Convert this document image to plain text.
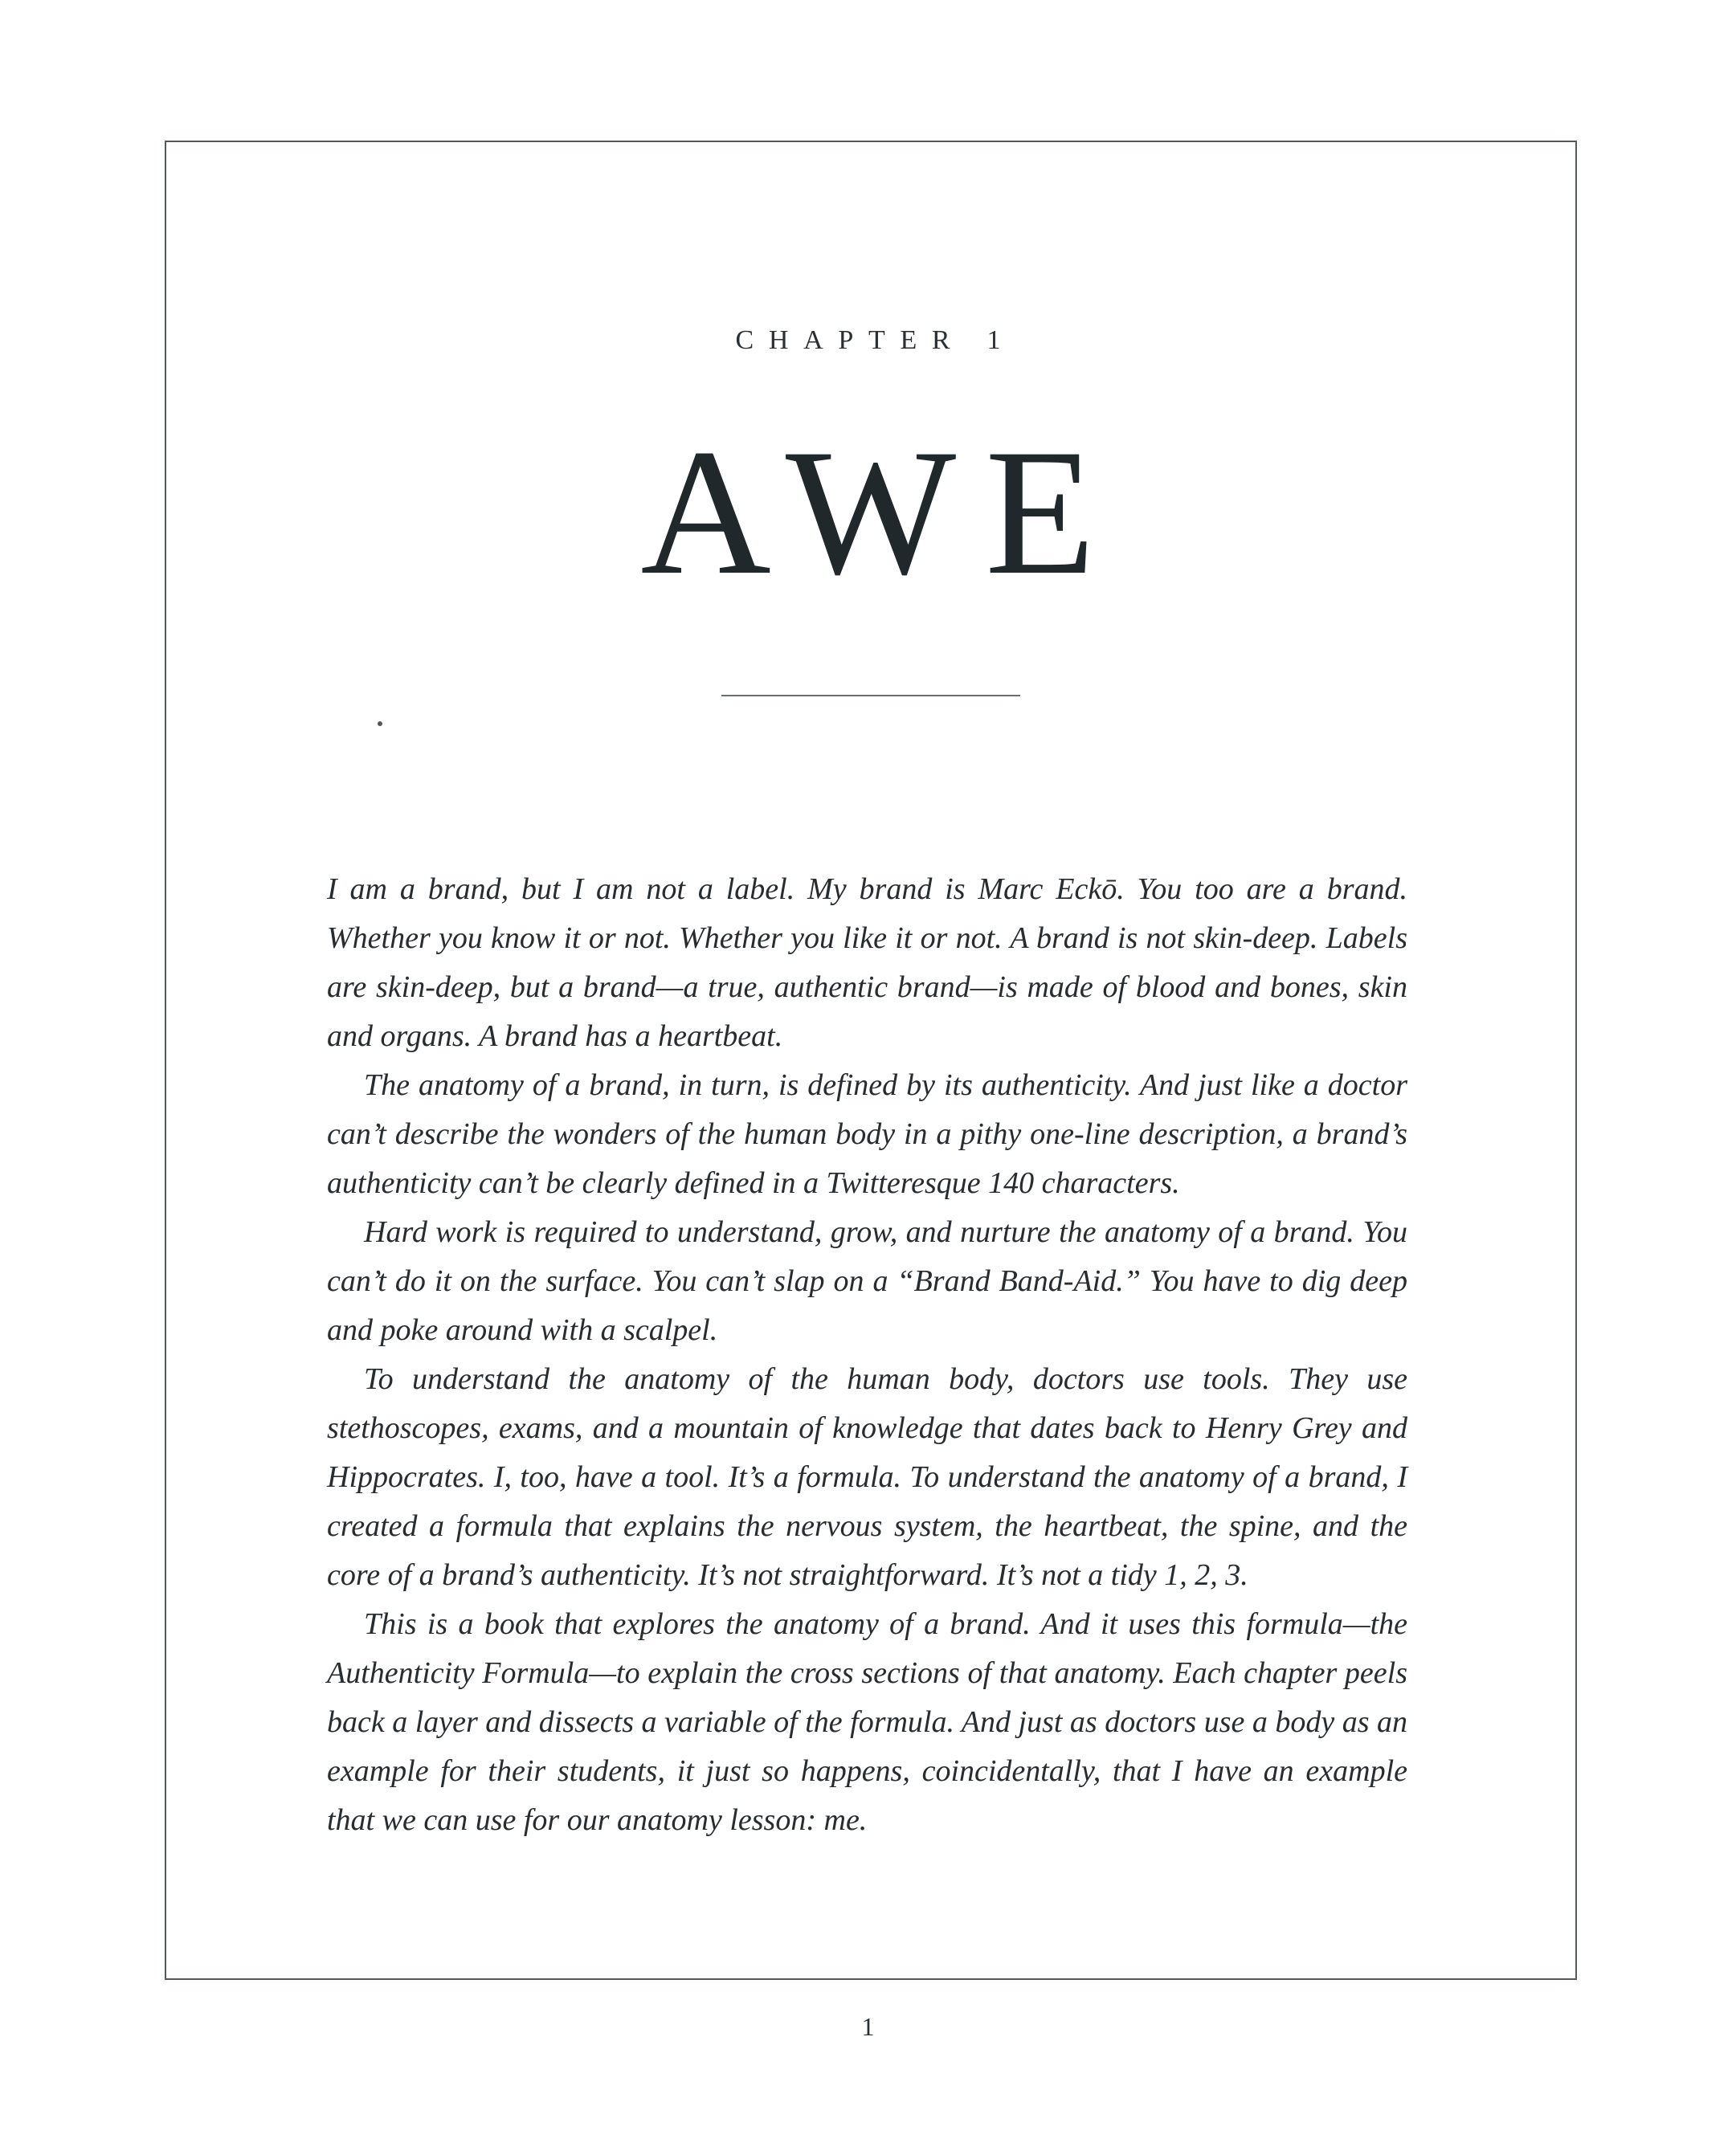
CHAPTER 1
AWE

I am a brand, but I am not a label. My brand is Marc Eckō. You too are a brand. Whether you know it or not. Whether you like it or not. A brand is not skin-deep. Labels are skin-deep, but a brand—a true, authentic brand—is made of blood and bones, skin and organs. A brand has a heartbeat.

The anatomy of a brand, in turn, is defined by its authenticity. And just like a doctor can’t describe the wonders of the human body in a pithy one-line description, a brand’s authenticity can’t be clearly defined in a Twitteresque 140 characters.

Hard work is required to understand, grow, and nurture the anatomy of a brand. You can’t do it on the surface. You can’t slap on a “Brand Band-Aid.” You have to dig deep and poke around with a scalpel.

To understand the anatomy of the human body, doctors use tools. They use stethoscopes, exams, and a mountain of knowledge that dates back to Henry Grey and Hippocrates. I, too, have a tool. It’s a formula. To understand the anatomy of a brand, I created a formula that explains the nervous system, the heartbeat, the spine, and the core of a brand’s authenticity. It’s not straightforward. It’s not a tidy 1, 2, 3.

This is a book that explores the anatomy of a brand. And it uses this formula—the Authenticity Formula—to explain the cross sections of that anatomy. Each chapter peels back a layer and dissects a variable of the formula. And just as doctors use a body as an example for their students, it just so happens, coincidentally, that I have an example that we can use for our anatomy lesson: me.

1
